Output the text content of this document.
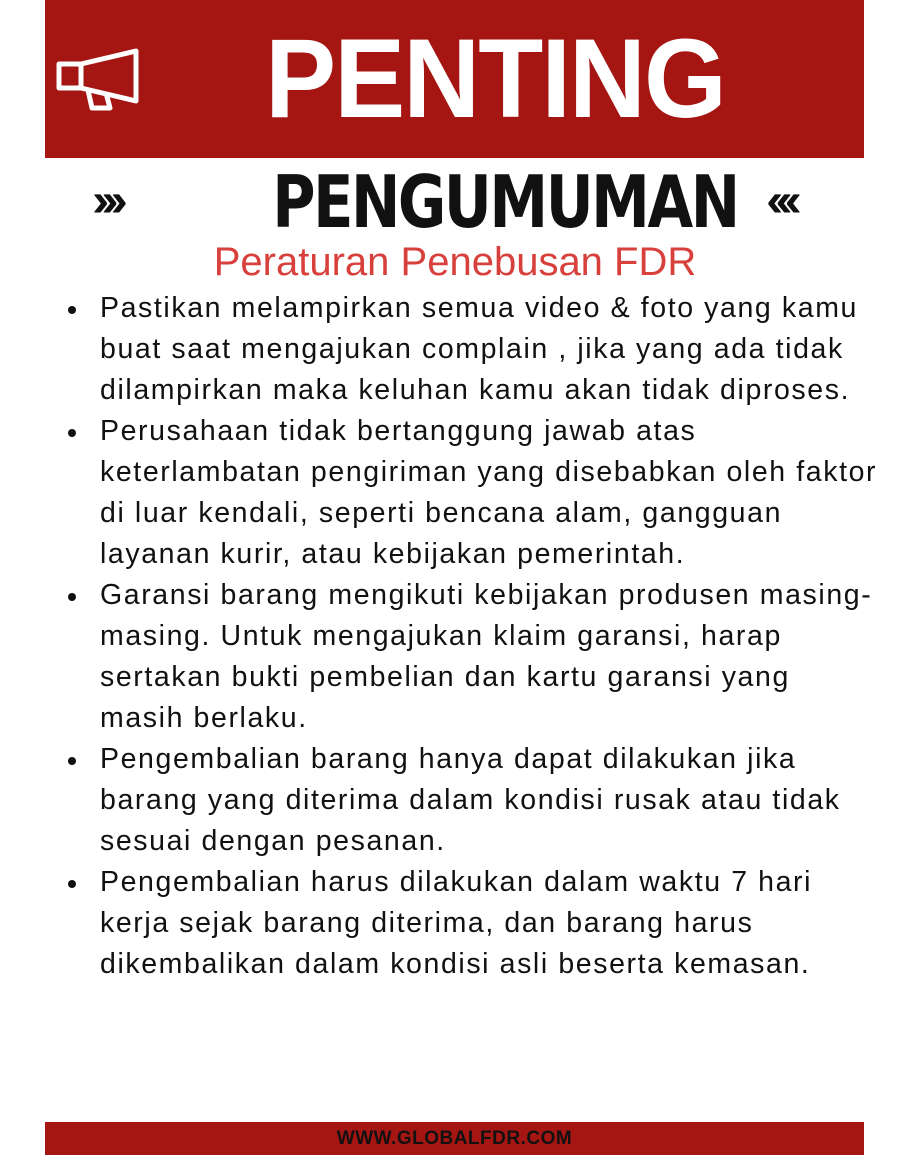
PENTING
››› PENGUMUMAN ‹‹‹
Peraturan Penebusan FDR
Pastikan melampirkan semua video & foto yang kamu buat saat mengajukan complain , jika yang ada tidak dilampirkan maka keluhan kamu akan tidak diproses.
Perusahaan tidak bertanggung jawab atas keterlambatan pengiriman yang disebabkan oleh faktor di luar kendali, seperti bencana alam, gangguan layanan kurir, atau kebijakan pemerintah.
Garansi barang mengikuti kebijakan produsen masing-masing. Untuk mengajukan klaim garansi, harap sertakan bukti pembelian dan kartu garansi yang masih berlaku.
Pengembalian barang hanya dapat dilakukan jika barang yang diterima dalam kondisi rusak atau tidak sesuai dengan pesanan.
Pengembalian harus dilakukan dalam waktu 7 hari kerja sejak barang diterima, dan barang harus dikembalikan dalam kondisi asli beserta kemasan.
WWW.GLOBALFDR.COM
